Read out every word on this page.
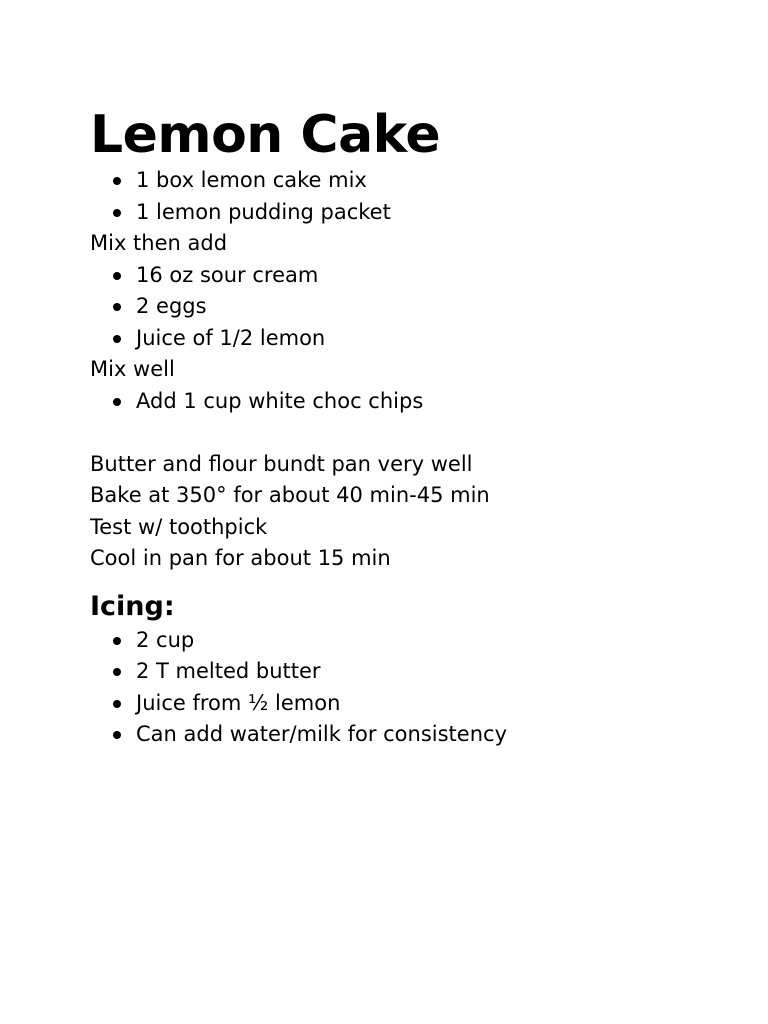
Lemon Cake
1 box lemon cake mix
1 lemon pudding packet
Mix then add
16 oz sour cream
2 eggs
Juice of 1/2 lemon
Mix well
Add 1 cup white choc chips
Butter and flour bundt pan very well
Bake at 350° for about 40 min-45 min
Test w/ toothpick
Cool in pan for about 15 min
Icing:
2 cup
2 T melted butter
Juice from ½ lemon
Can add water/milk for consistency
